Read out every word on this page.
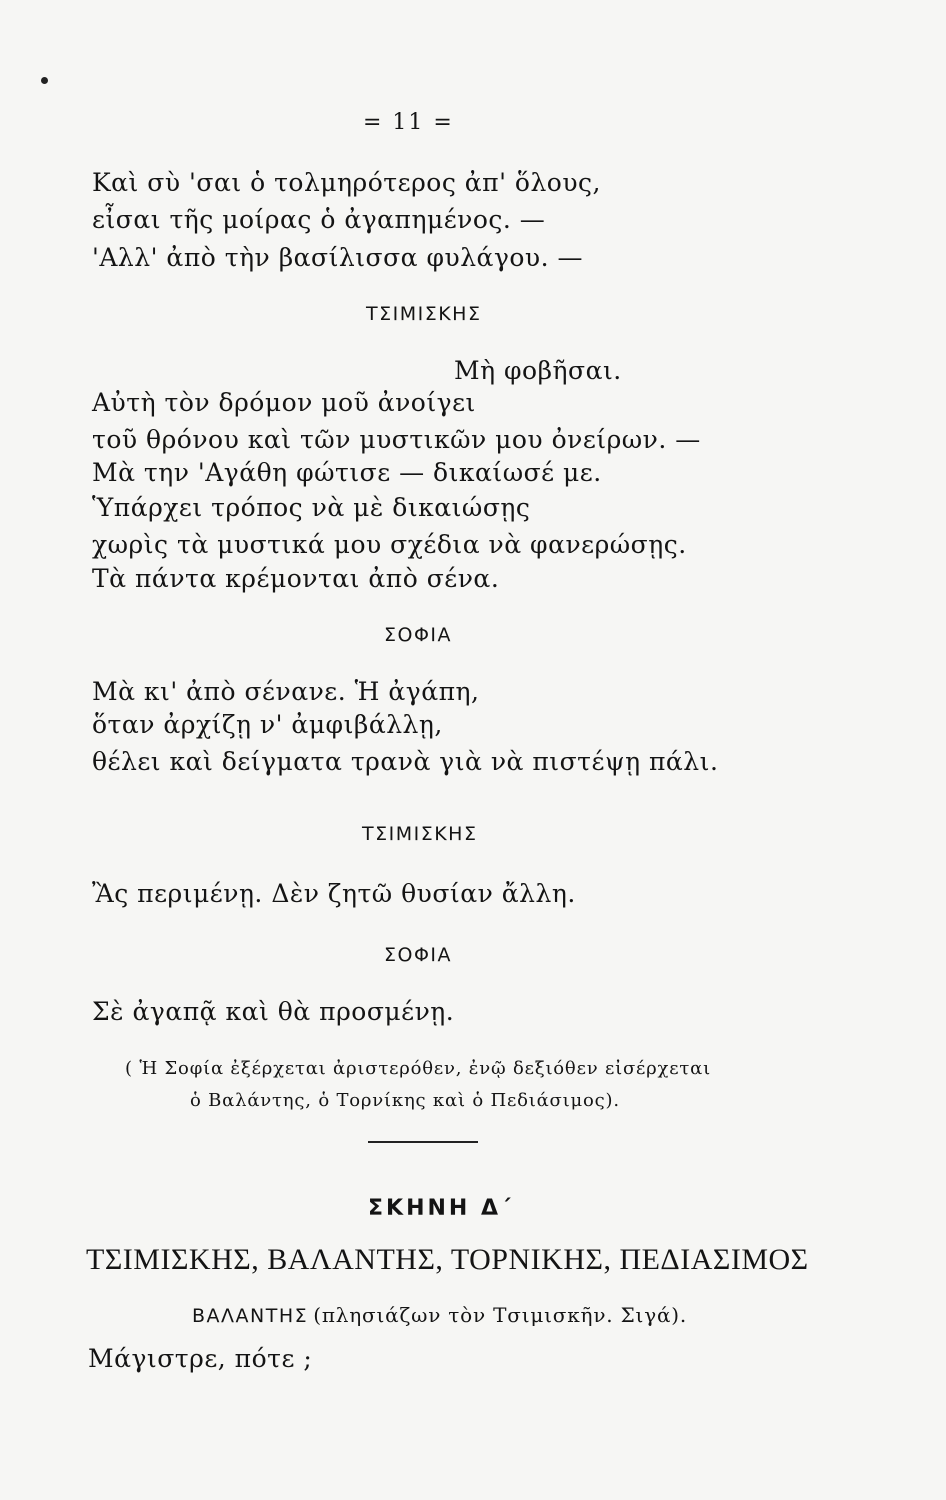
= 11 =
Καὶ σὺ 'σαι ὁ τολμηρότερος ἀπ' ὅλους,
εἶσαι τῆς μοίρας ὁ ἀγαπημένος. —
'Αλλ' ἀπὸ τὴν βασίλισσα φυλάγου. —
ΤΣΙΜΙΣΚΗΣ
Μὴ φοβῆσαι.
Αὐτὴ τὸν δρόμον μοῦ ἀνοίγει
τοῦ θρόνου καὶ τῶν μυστικῶν μου ὀνείρων. —
Μὰ την 'Αγάθη φώτισε — δικαίωσέ με.
Ὑπάρχει τρόπος νὰ μὲ δικαιώσῃς
χωρὶς τὰ μυστικά μου σχέδια νὰ φανερώσῃς.
Τὰ πάντα κρέμονται ἀπὸ σένα.
ΣΟΦΙΑ
Μὰ κι' ἀπὸ σένανε. Ἡ ἀγάπη,
ὅταν ἀρχίζῃ ν' ἀμφιβάλλῃ,
θέλει καὶ δείγματα τρανὰ γιὰ νὰ πιστέψῃ πάλι.
ΤΣΙΜΙΣΚΗΣ
Ἂς περιμένῃ. Δὲν ζητῶ θυσίαν ἄλλη.
ΣΟΦΙΑ
Σὲ ἀγαπᾷ καὶ θὰ προσμένῃ.
( Ἡ Σοφία ἐξέρχεται ἀριστερόθεν, ἐνῷ δεξιόθεν εἰσέρχεται
ὁ Βαλάντης, ὁ Τορνίκης καὶ ὁ Πεδιάσιμος).
ΣΚΗΝΗ Δ΄
ΤΣΙΜΙΣΚΗΣ, ΒΑΛΑΝΤΗΣ, ΤΟΡΝΙΚΗΣ, ΠΕΔΙΑΣΙΜΟΣ
ΒΑΛΑΝΤΗΣ (πλησιάζων τὸν Τσιμισκῆν. Σιγά).
Μάγιστρε, πότε ;
